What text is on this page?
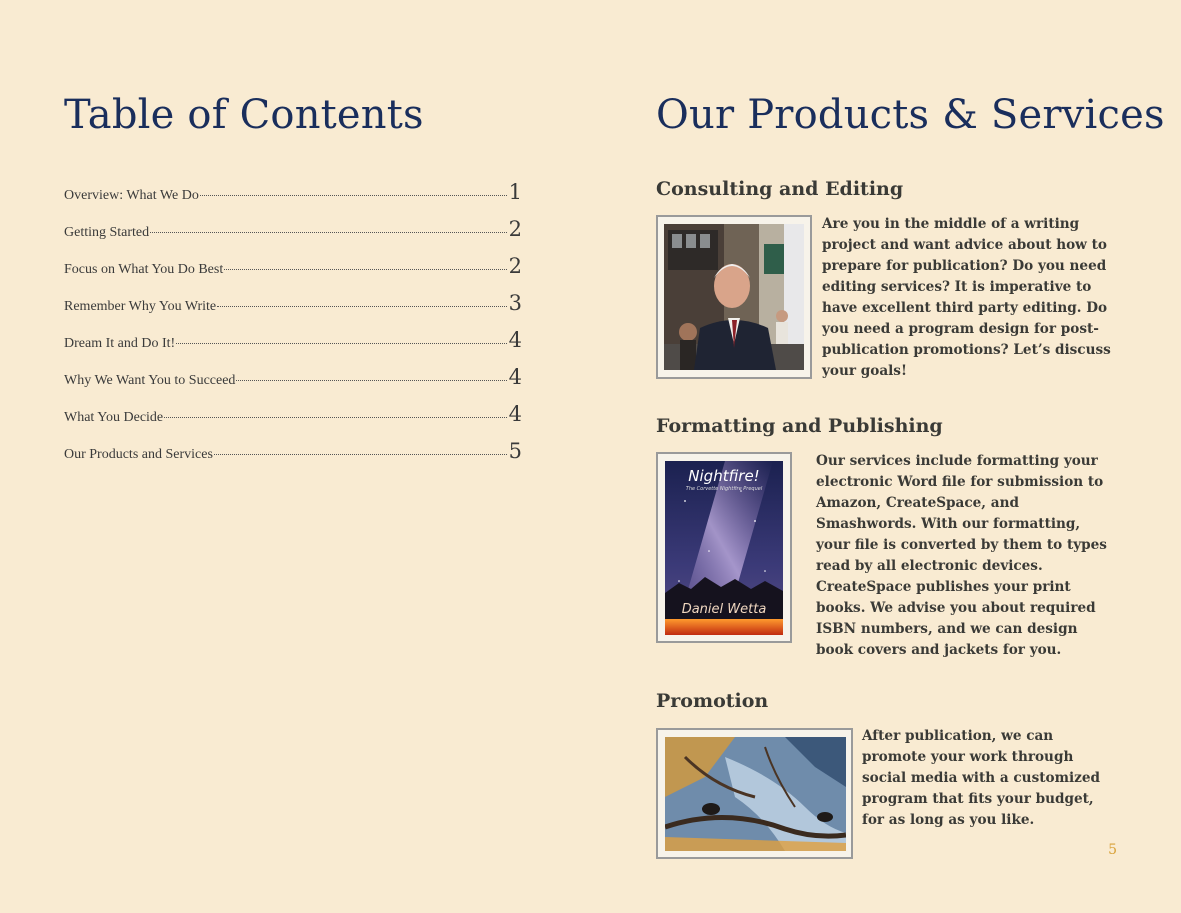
Table of Contents
Overview: What We Do	1
Getting Started	2
Focus on What You Do Best	2
Remember Why You Write	3
Dream It and Do It!	4
Why We Want You to Succeed	4
What You Decide	4
Our Products and Services	5
Our Products & Services
Consulting and Editing

Are you in the middle of a writing project and want advice about how to prepare for publication? Do you need editing services? It is imperative to have excellent third party editing. Do you need a program design for post-publication promotions? Let’s discuss your goals!

Formatting and Publishing
Nightfire!
The Corvette Nightfire Prequel
Daniel Wetta

Our services include formatting your electronic Word file for submission to Amazon, CreateSpace, and Smashwords. With our formatting, your file is converted by them to types read by all electronic devices. CreateSpace publishes your print books. We advise you about required ISBN numbers, and we can design book covers and jackets for you.

Promotion

After publication, we can promote your work through social media with a customized program that fits your budget, for as long as you like.

5
